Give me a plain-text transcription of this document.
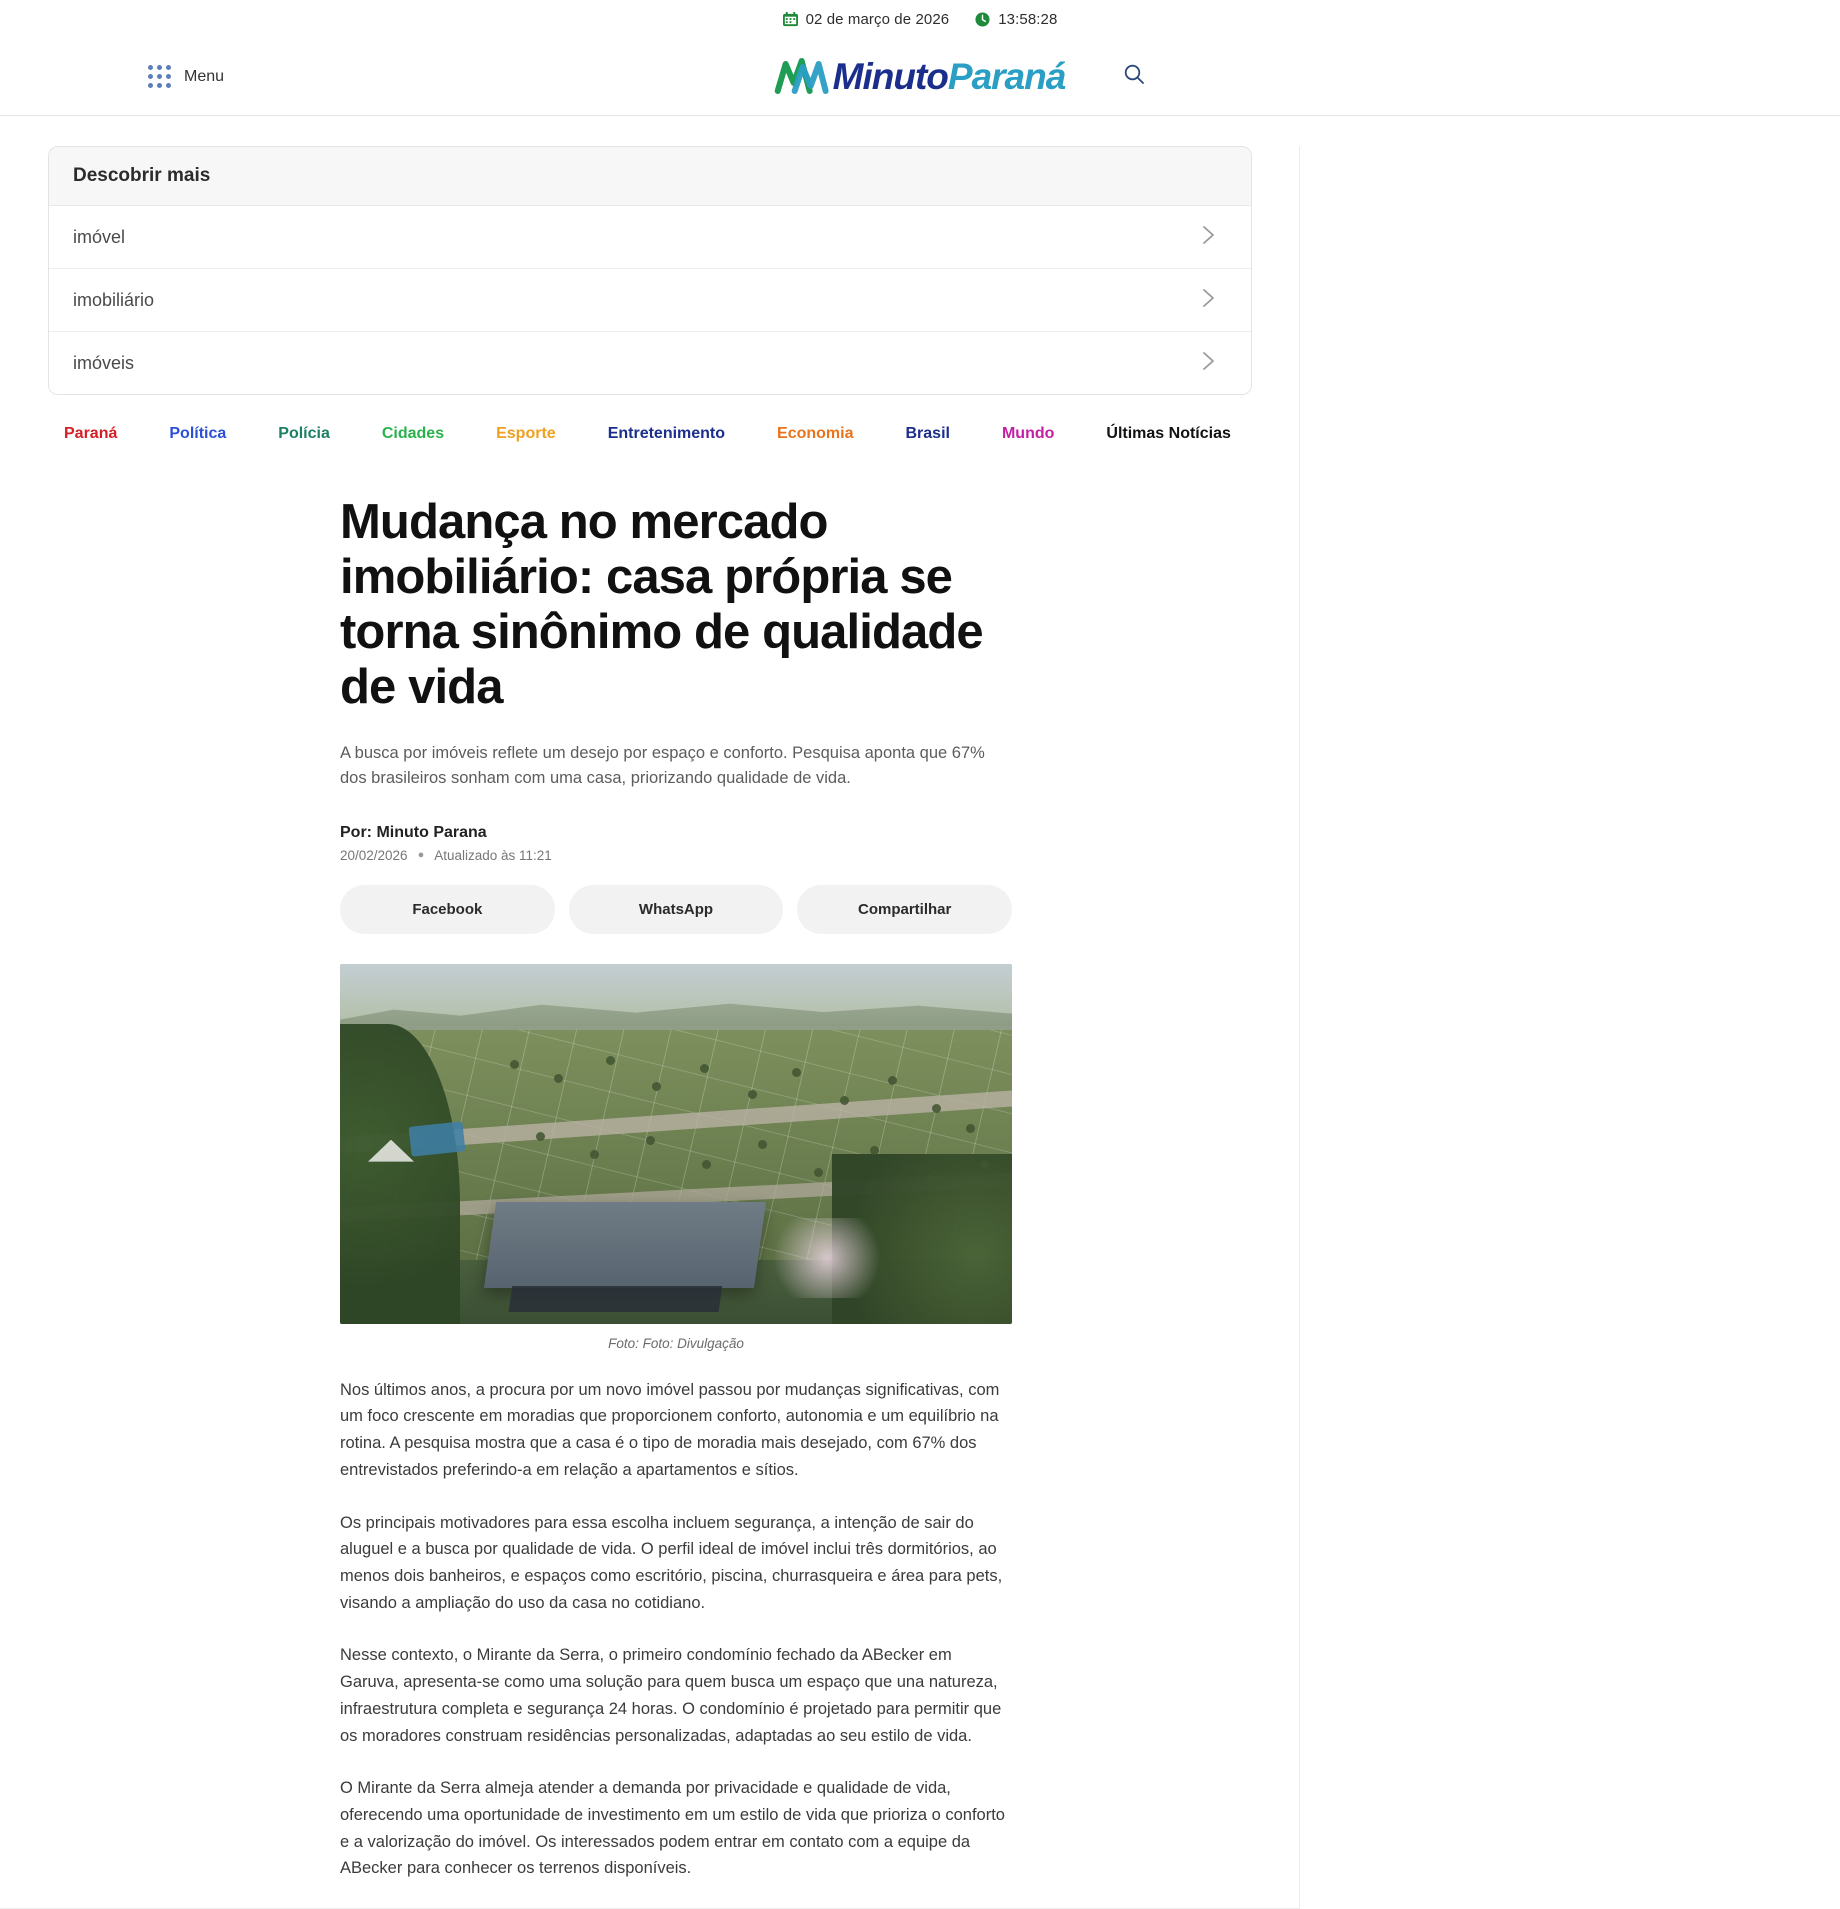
02 de março de 2026	13:58:28
Menu	MinutoParaná
Descobrir mais
imóvel
imobiliário
imóveis
Paraná	Política	Polícia	Cidades	Esporte	Entretenimento	Economia	Brasil	Mundo	Últimas Notícias
Mudança no mercado imobiliário: casa própria se torna sinônimo de qualidade de vida

A busca por imóveis reflete um desejo por espaço e conforto. Pesquisa aponta que 67% dos brasileiros sonham com uma casa, priorizando qualidade de vida.

Por: Minuto Parana
20/02/2026 ● Atualizado às 11:21
Facebook	WhatsApp	Compartilhar
Foto: Foto: Divulgação

Nos últimos anos, a procura por um novo imóvel passou por mudanças significativas, com um foco crescente em moradias que proporcionem conforto, autonomia e um equilíbrio na rotina. A pesquisa mostra que a casa é o tipo de moradia mais desejado, com 67% dos entrevistados preferindo-a em relação a apartamentos e sítios.

Os principais motivadores para essa escolha incluem segurança, a intenção de sair do aluguel e a busca por qualidade de vida. O perfil ideal de imóvel inclui três dormitórios, ao menos dois banheiros, e espaços como escritório, piscina, churrasqueira e área para pets, visando a ampliação do uso da casa no cotidiano.

Nesse contexto, o Mirante da Serra, o primeiro condomínio fechado da ABecker em Garuva, apresenta-se como uma solução para quem busca um espaço que una natureza, infraestrutura completa e segurança 24 horas. O condomínio é projetado para permitir que os moradores construam residências personalizadas, adaptadas ao seu estilo de vida.

O Mirante da Serra almeja atender a demanda por privacidade e qualidade de vida, oferecendo uma oportunidade de investimento em um estilo de vida que prioriza o conforto e a valorização do imóvel. Os interessados podem entrar em contato com a equipe da ABecker para conhecer os terrenos disponíveis.
